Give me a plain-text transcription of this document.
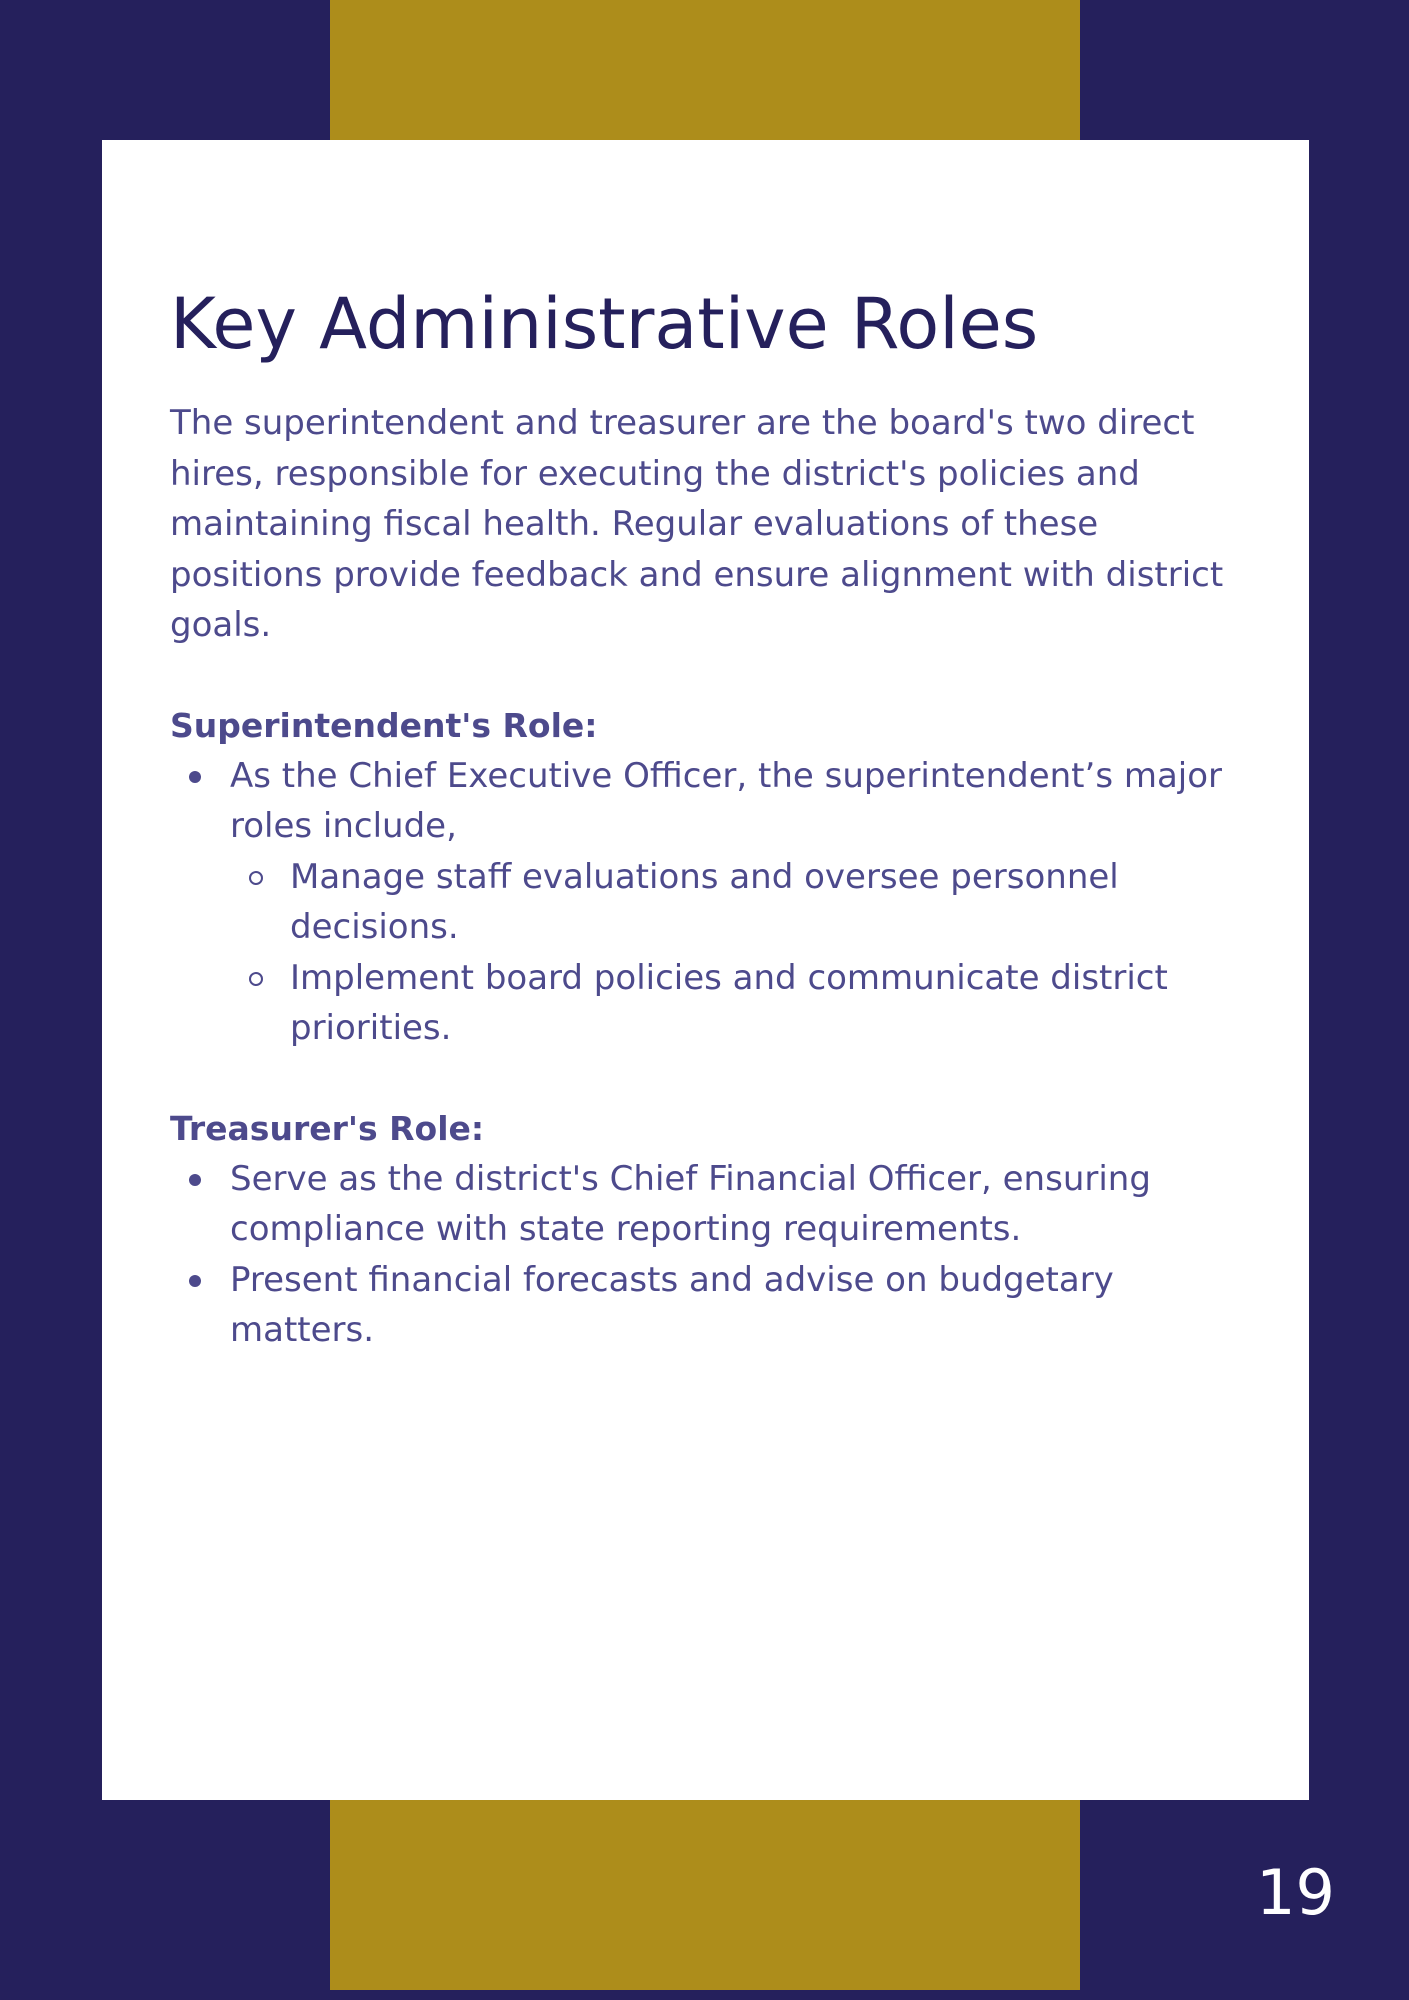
Key Administrative Roles

The superintendent and treasurer are the board's two direct hires, responsible for executing the district's policies and maintaining fiscal health. Regular evaluations of these positions provide feedback and ensure alignment with district goals.

Superintendent's Role:
As the Chief Executive Officer, the superintendent’s major roles include,
Manage staff evaluations and oversee personnel decisions.
Implement board policies and communicate district priorities.
Treasurer's Role:
Serve as the district's Chief Financial Officer, ensuring compliance with state reporting requirements.
Present financial forecasts and advise on budgetary matters.
19
